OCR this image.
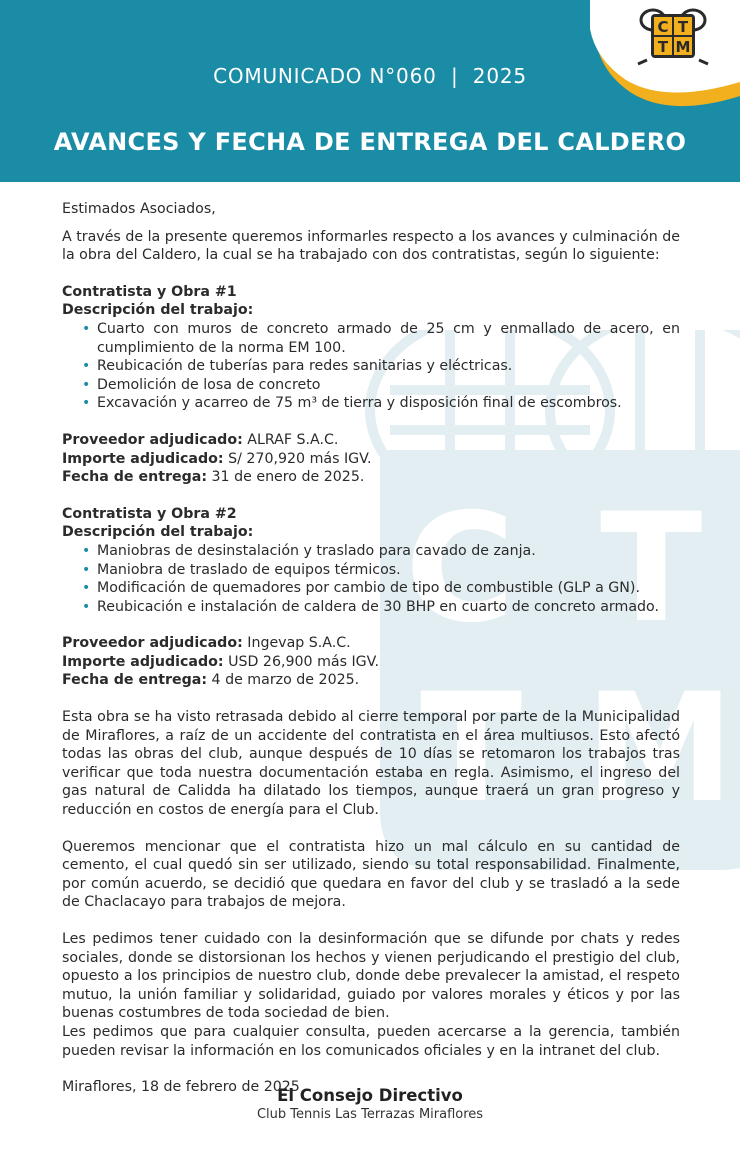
C T
T M
C T
T M
COMUNICADO N°060  |  2025
AVANCES Y FECHA DE ENTREGA DEL CALDERO

Estimados Asociados,

A través de la presente queremos informarles respecto a los avances y culminación de la obra del Caldero, la cual se ha trabajado con dos contratistas, según lo siguiente:

Contratista y Obra #1

Descripción del trabajo:

• Cuarto con muros de concreto armado de 25 cm y enmallado de acero, en cumplimiento de la norma EM 100.
• Reubicación de tuberías para redes sanitarias y eléctricas.
• Demolición de losa de concreto
• Excavación y acarreo de 75 m³ de tierra y disposición final de escombros.

Proveedor adjudicado: ALRAF S.A.C.

Importe adjudicado: S/ 270,920 más IGV.

Fecha de entrega: 31 de enero de 2025.

Contratista y Obra #2

Descripción del trabajo:

• Maniobras de desinstalación y traslado para cavado de zanja.
• Maniobra de traslado de equipos térmicos.
• Modificación de quemadores por cambio de tipo de combustible (GLP a GN).
• Reubicación e instalación de caldera de 30 BHP en cuarto de concreto armado.

Proveedor adjudicado: Ingevap S.A.C.

Importe adjudicado: USD 26,900 más IGV.

Fecha de entrega: 4 de marzo de 2025.

Esta obra se ha visto retrasada debido al cierre temporal por parte de la Municipalidad de Miraflores, a raíz de un accidente del contratista en el área multiusos. Esto afectó todas las obras del club, aunque después de 10 días se retomaron los trabajos tras verificar que toda nuestra documentación estaba en regla. Asimismo, el ingreso del gas natural de Calidda ha dilatado los tiempos, aunque traerá un gran progreso y reducción en costos de energía para el Club.

Queremos mencionar que el contratista hizo un mal cálculo en su cantidad de cemento, el cual quedó sin ser utilizado, siendo su total responsabilidad. Finalmente, por común acuerdo, se decidió que quedara en favor del club y se trasladó a la sede de Chaclacayo para trabajos de mejora.

Les pedimos tener cuidado con la desinformación que se difunde por chats y redes sociales, donde se distorsionan los hechos y vienen perjudicando el prestigio del club, opuesto a los principios de nuestro club, donde debe prevalecer la amistad, el respeto mutuo, la unión familiar y solidaridad, guiado por valores morales y éticos y por las buenas costumbres de toda sociedad de bien.

Les pedimos que para cualquier consulta, pueden acercarse a la gerencia, también pueden revisar la información en los comunicados oficiales y en la intranet del club.

Miraflores, 18 de febrero de 2025

El Consejo Directivo
Club Tennis Las Terrazas Miraflores
